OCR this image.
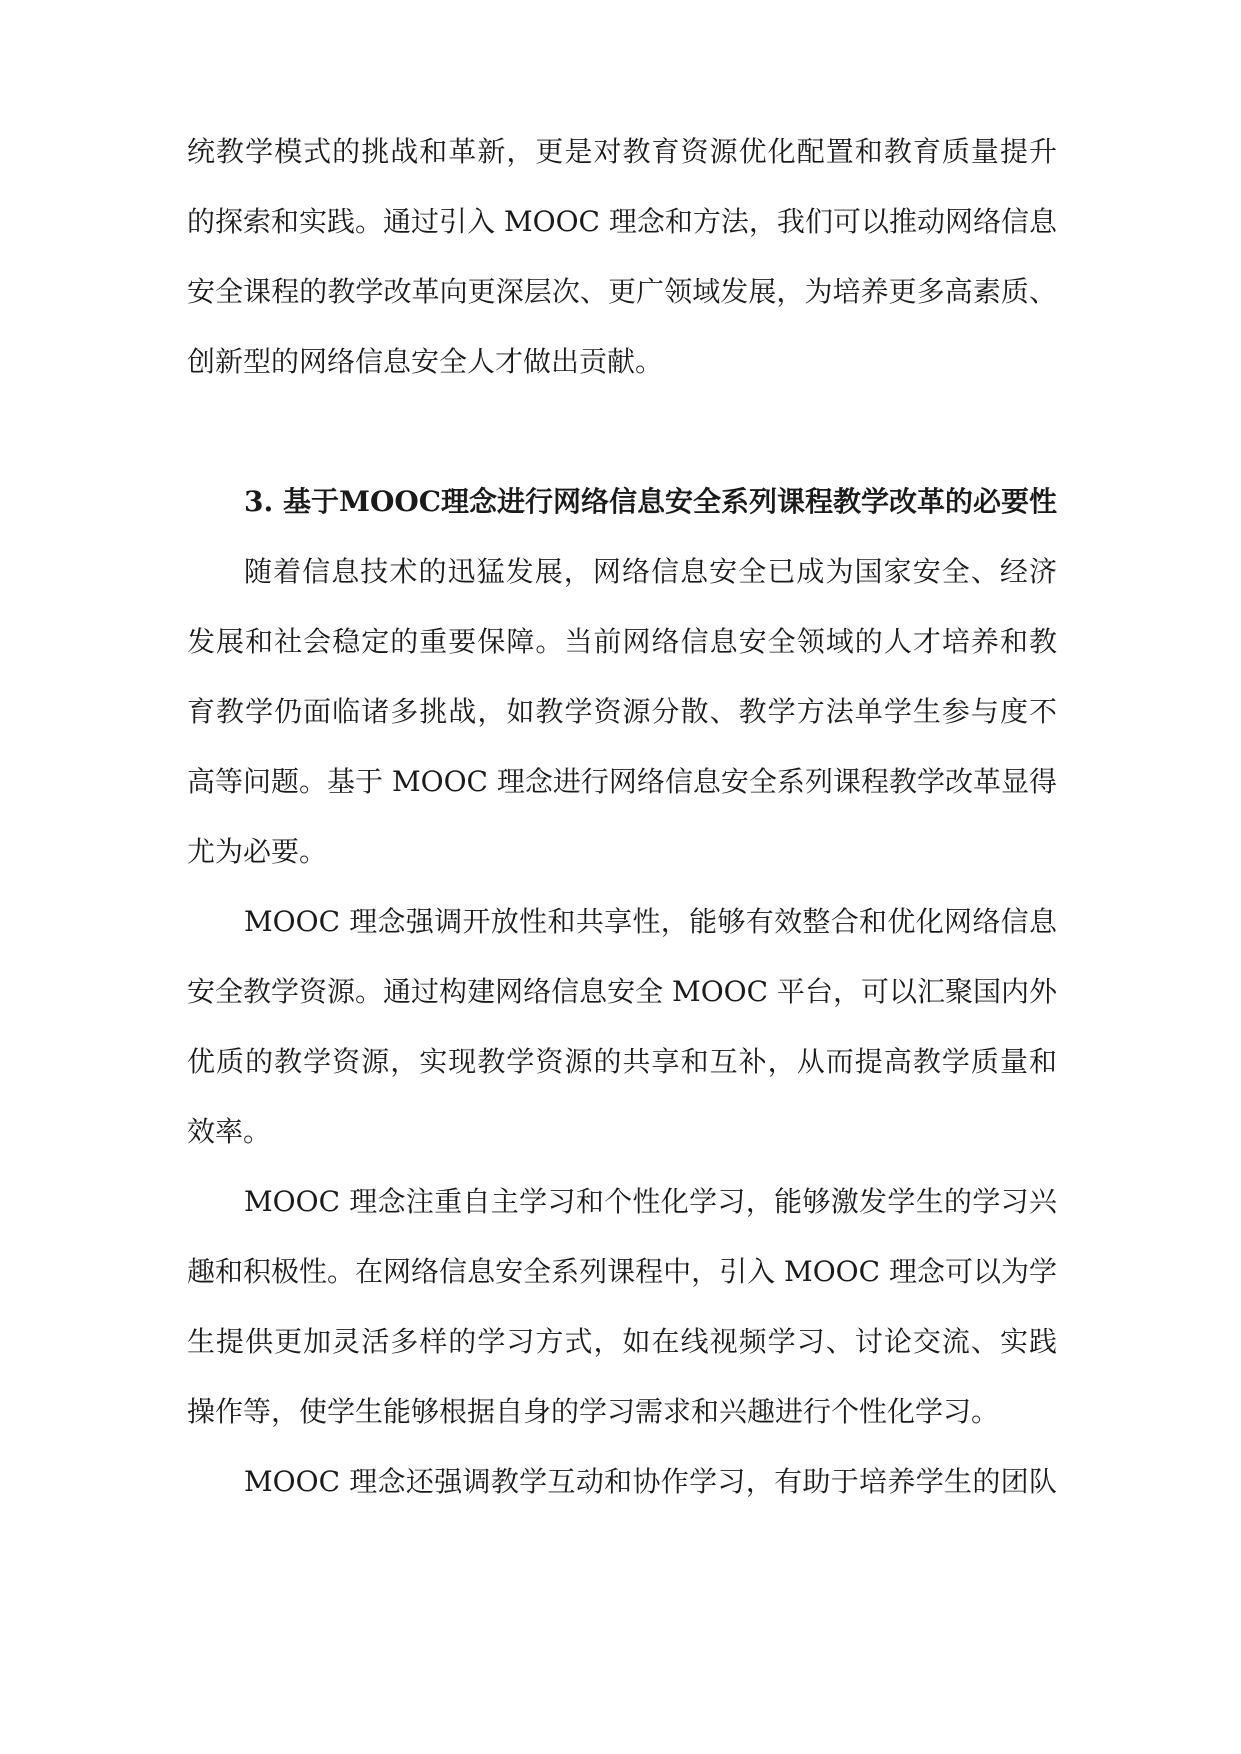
统教学模式的挑战和革新，更是对教育资源优化配置和教育质量提升
的探索和实践。通过引入 MOOC 理念和方法，我们可以推动网络信息
安全课程的教学改革向更深层次、更广领域发展，为培养更多高素质、
创新型的网络信息安全人才做出贡献。
3. 基于MOOC理念进行网络信息安全系列课程教学改革的必要性
随着信息技术的迅猛发展，网络信息安全已成为国家安全、经济
发展和社会稳定的重要保障。当前网络信息安全领域的人才培养和教
育教学仍面临诸多挑战，如教学资源分散、教学方法单学生参与度不
高等问题。基于 MOOC 理念进行网络信息安全系列课程教学改革显得
尤为必要。
MOOC 理念强调开放性和共享性，能够有效整合和优化网络信息
安全教学资源。通过构建网络信息安全 MOOC 平台，可以汇聚国内外
优质的教学资源，实现教学资源的共享和互补，从而提高教学质量和
效率。
MOOC 理念注重自主学习和个性化学习，能够激发学生的学习兴
趣和积极性。在网络信息安全系列课程中，引入 MOOC 理念可以为学
生提供更加灵活多样的学习方式，如在线视频学习、讨论交流、实践
操作等，使学生能够根据自身的学习需求和兴趣进行个性化学习。
MOOC 理念还强调教学互动和协作学习，有助于培养学生的团队
